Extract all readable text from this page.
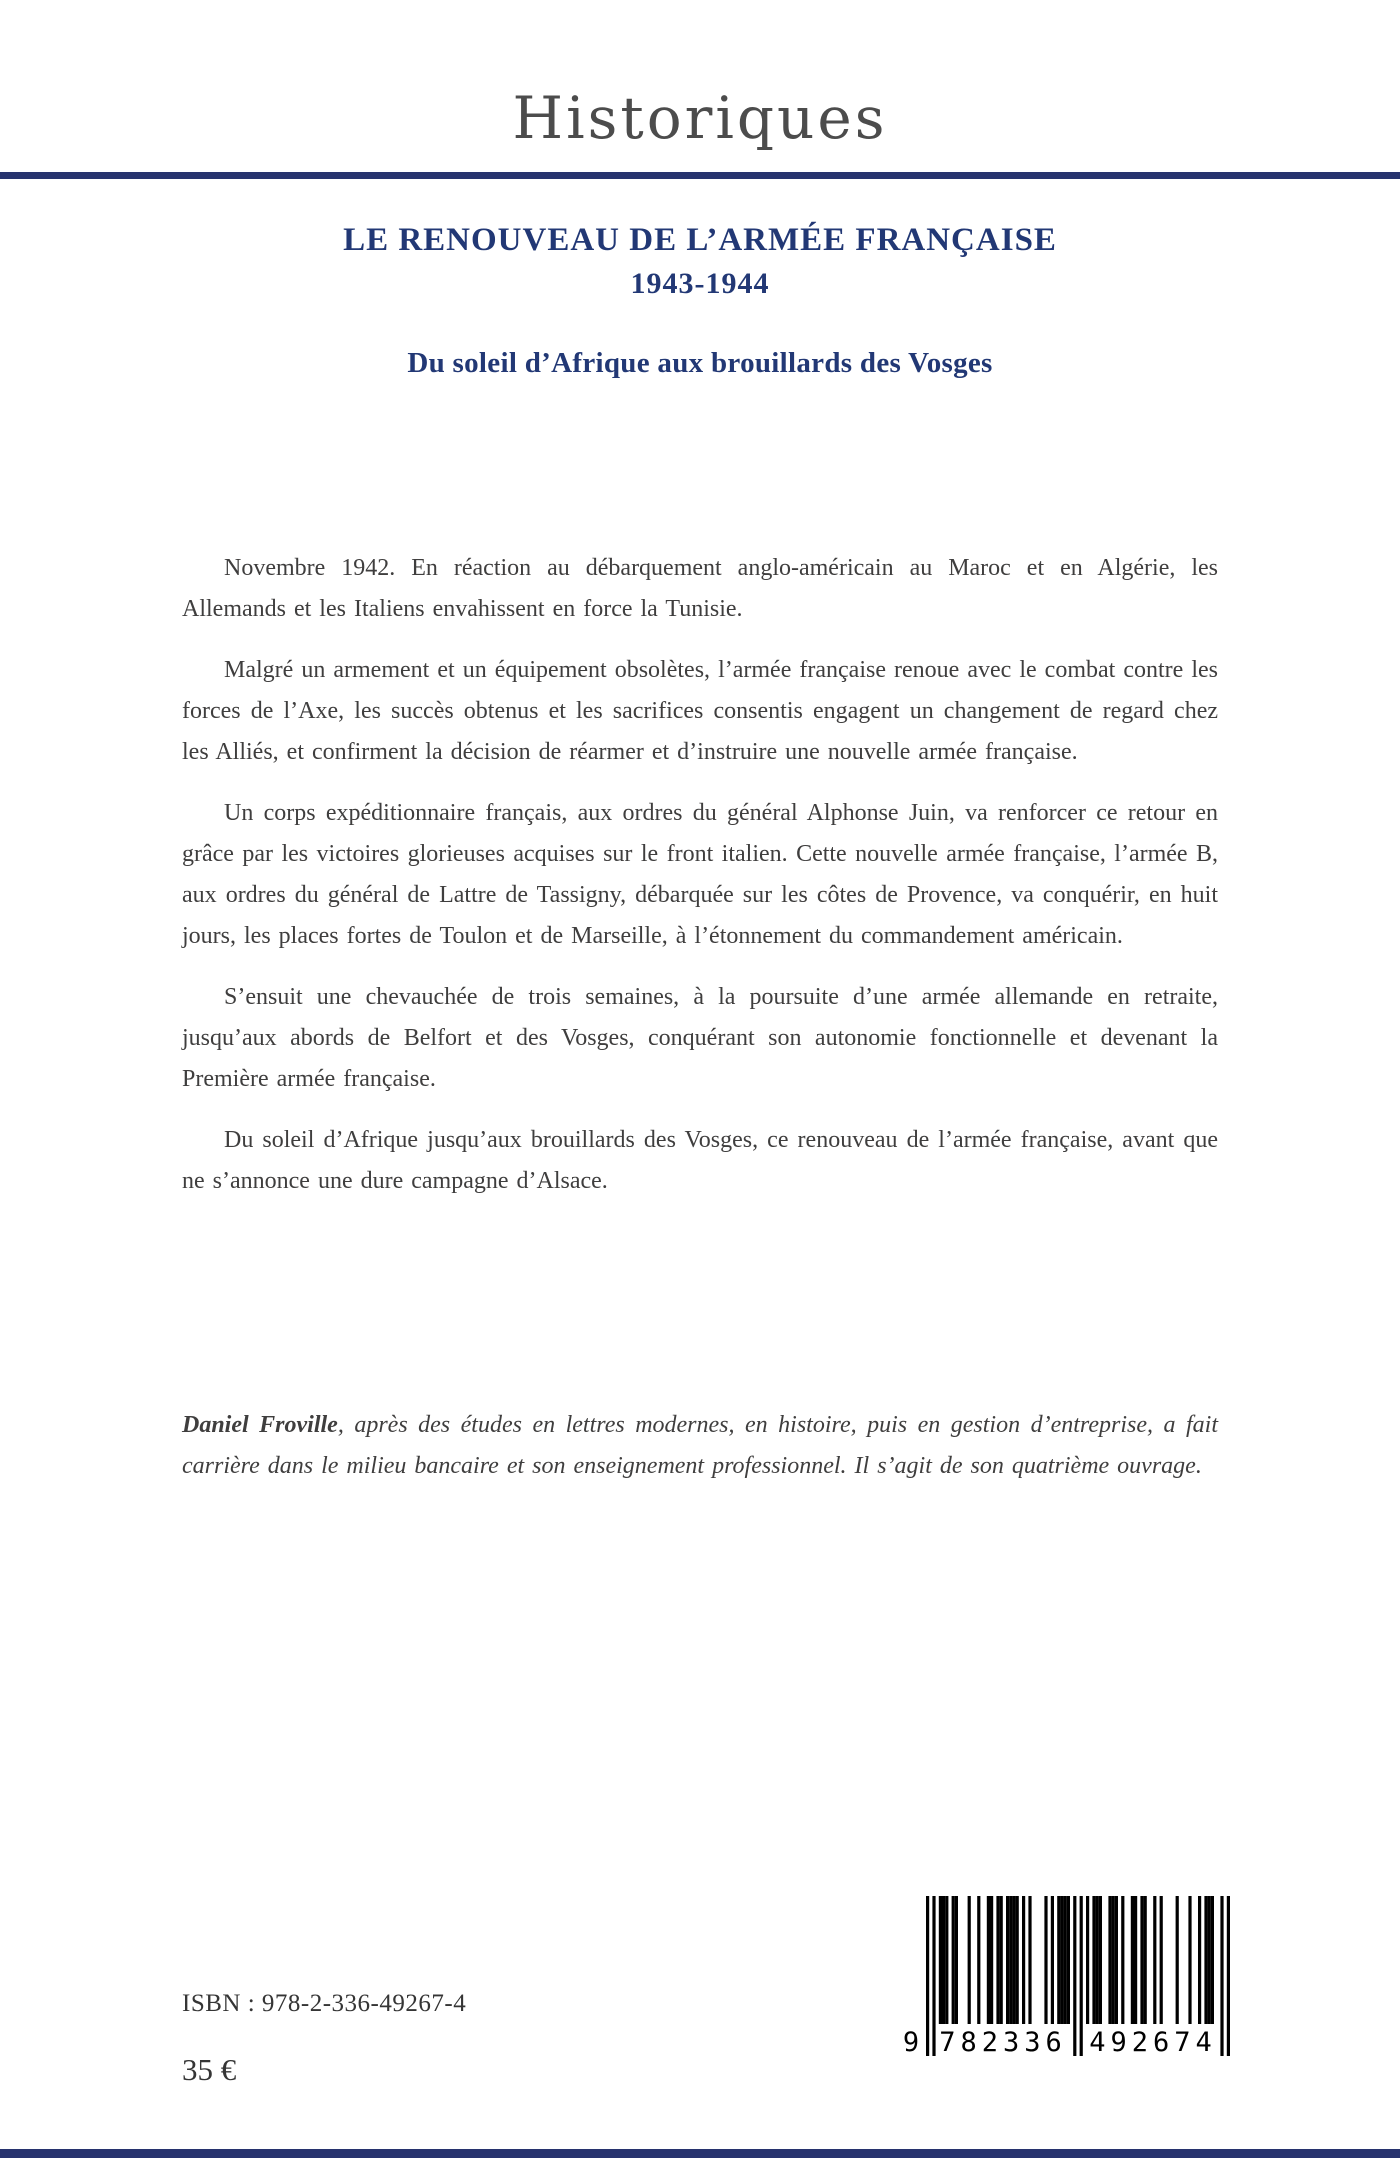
Historiques
LE RENOUVEAU DE L’ARMÉE FRANÇAISE
1943-1944
Du soleil d’Afrique aux brouillards des Vosges

Novembre 1942. En réaction au débarquement anglo-américain au Maroc et en Algérie, les Allemands et les Italiens envahissent en force la Tunisie.

Malgré un armement et un équipement obsolètes, l’armée française renoue avec le combat contre les forces de l’Axe, les succès obtenus et les sacrifices consentis engagent un changement de regard chez les Alliés, et confirment la décision de réarmer et d’instruire une nouvelle armée française.

Un corps expéditionnaire français, aux ordres du général Alphonse Juin, va renforcer ce retour en grâce par les victoires glorieuses acquises sur le front italien. Cette nouvelle armée française, l’armée B, aux ordres du général de Lattre de Tassigny, débarquée sur les côtes de Provence, va conquérir, en huit jours, les places fortes de Toulon et de Marseille, à l’étonnement du commandement américain.

S’ensuit une chevauchée de trois semaines, à la poursuite d’une armée allemande en retraite, jusqu’aux abords de Belfort et des Vosges, conquérant son autonomie fonctionnelle et devenant la Première armée française.

Du soleil d’Afrique jusqu’aux brouillards des Vosges, ce renouveau de l’armée française, avant que ne s’annonce une dure campagne d’Alsace.

Daniel Froville, après des études en lettres modernes, en histoire, puis en gestion d’entreprise, a fait carrière dans le milieu bancaire et son enseignement professionnel. Il s’agit de son quatrième ouvrage.
ISBN : 978-2-336-49267-4
35 €
9 782336 492674
